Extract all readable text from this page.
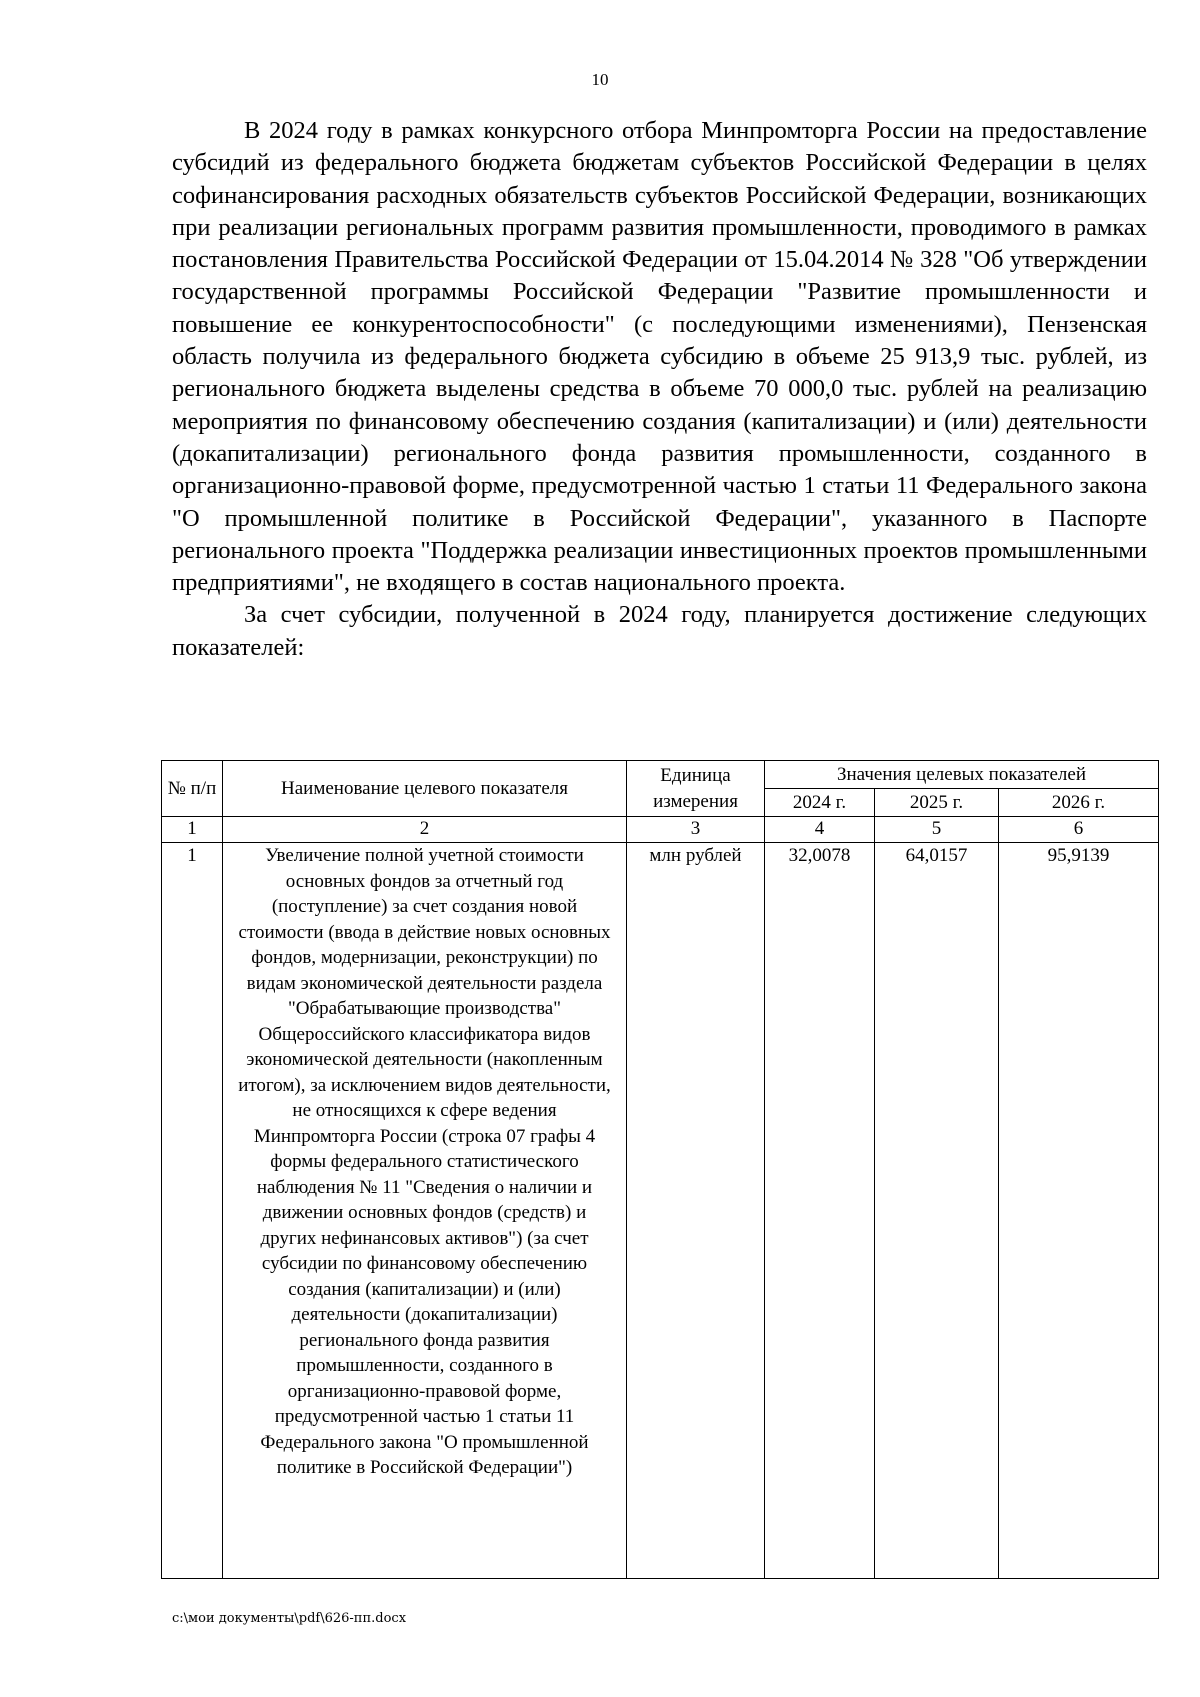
10

В 2024 году в рамках конкурсного отбора Минпромторга России на предоставление субсидий из федерального бюджета бюджетам субъектов Российской Федерации в целях софинансирования расходных обязательств субъектов Российской Федерации, возникающих при реализации региональных программ развития промышленности, проводимого в рамках постановления Правительства Российской Федерации от 15.04.2014 № 328 "Об утверждении государственной программы Российской Федерации "Развитие промышленности и повышение ее конкурентоспособности" (с последующими изменениями), Пензенская область получила из федерального бюджета субсидию в объеме 25 913,9 тыс. рублей, из регионального бюджета выделены средства в объеме 70 000,0 тыс. рублей на реализацию мероприятия по финансовому обеспечению создания (капитализации) и (или) деятельности (докапитализации) регионального фонда развития промышленности, созданного в организационно-правовой форме, предусмотренной частью 1 статьи 11 Федерального закона "О промышленной политике в Российской Федерации", указанного в Паспорте регионального проекта "Поддержка реализации инвестиционных проектов промышленными предприятиями", не входящего в состав национального проекта.

За счет субсидии, полученной в 2024 году, планируется достижение следующих показателей:

№ п/п	Наименование целевого показателя	Единица измерения	Значения целевых показателей		
			2024 г.	2025 г.	2026 г.
1	2	3	4	5	6
1	Увеличение полной учетной стоимости основных фондов за отчетный год (поступление) за счет создания новой стоимости (ввода в действие новых основных фондов, модернизации, реконструкции) по видам экономической деятельности раздела "Обрабатывающие производства" Общероссийского классификатора видов экономической деятельности (накопленным итогом), за исключением видов деятельности, не относящихся к сфере ведения Минпромторга России (строка 07 графы 4 формы федерального статистического наблюдения № 11 "Сведения о наличии и движении основных фондов (средств) и других нефинансовых активов") (за счет субсидии по финансовому обеспечению создания (капитализации) и (или) деятельности (докапитализации) регионального фонда развития промышленности, созданного в организационно-правовой форме, предусмотренной частью 1 статьи 11 Федерального закона "О промышленной политике в Российской Федерации")	млн рублей	32,0078	64,0157	95,9139
c:\мои документы\pdf\626-пп.docx
